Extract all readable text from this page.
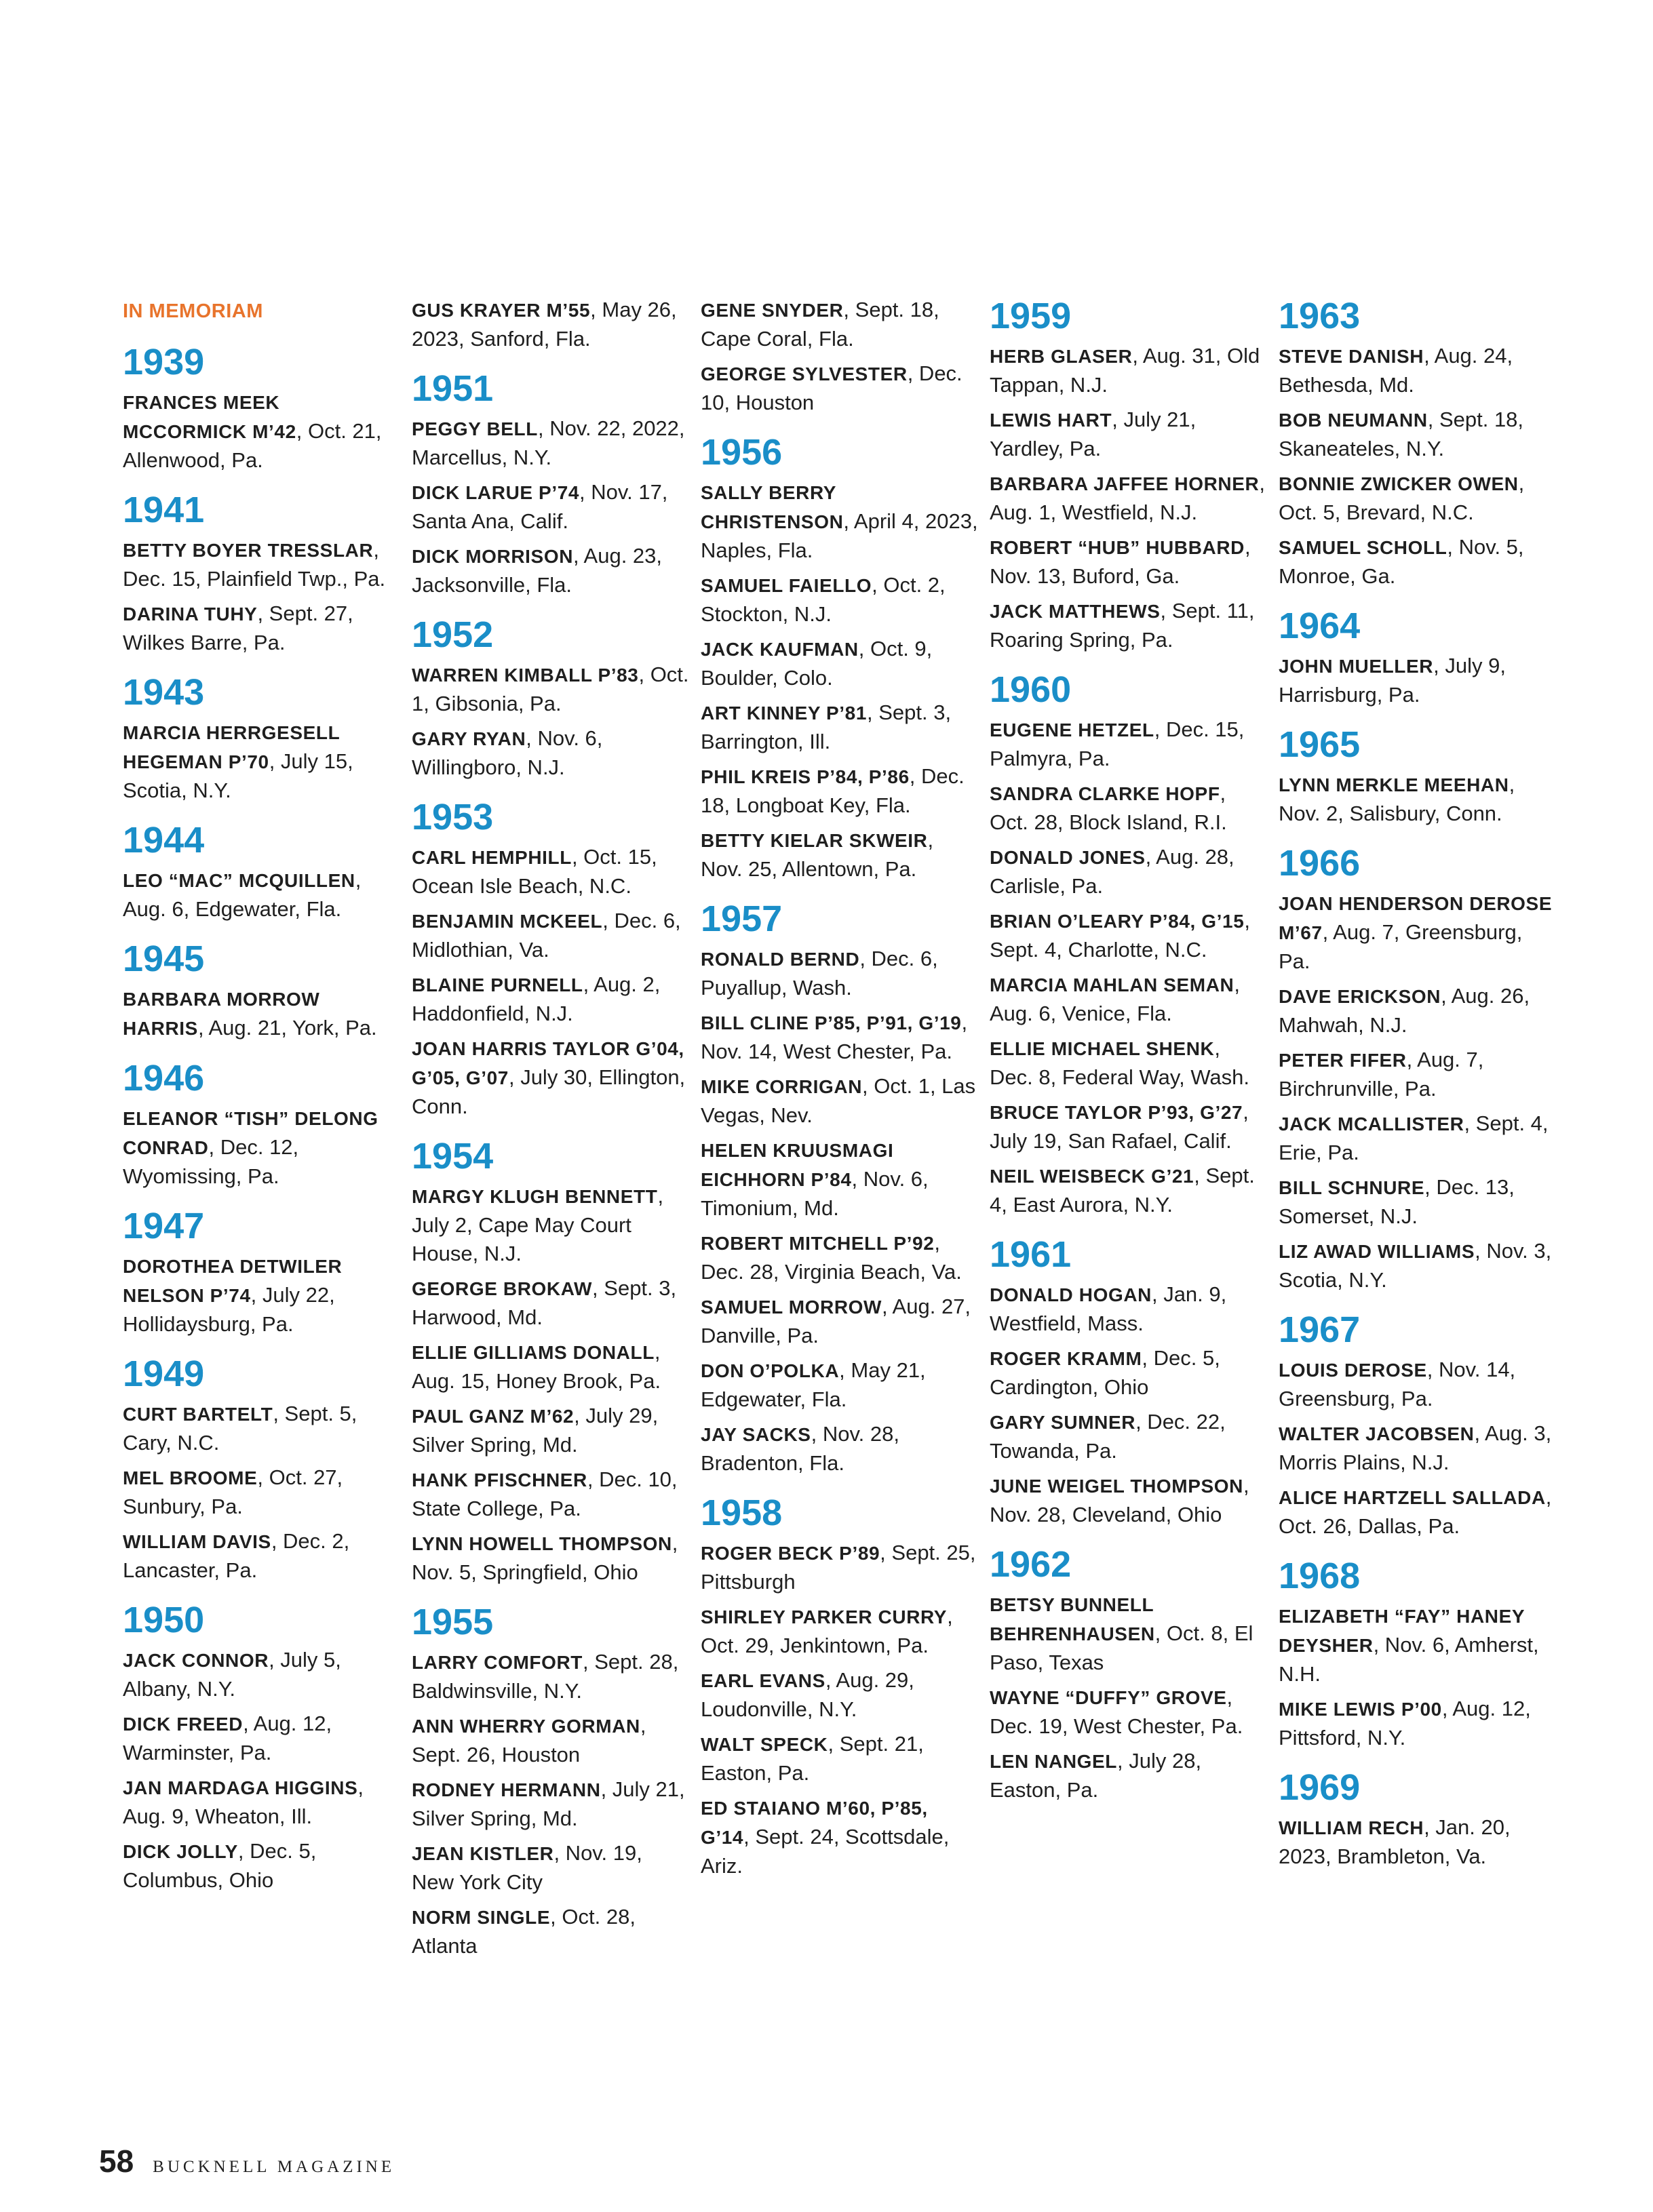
IN MEMORIAM
1939
FRANCES MEEK MCCORMICK M’42, Oct. 21, Allenwood, Pa.
1941
BETTY BOYER TRESSLAR, Dec. 15, Plainfield Twp., Pa.
DARINA TUHY, Sept. 27, Wilkes Barre, Pa.
1943
MARCIA HERRGESELL HEGEMAN P’70, July 15, Scotia, N.Y.
1944
LEO “MAC” MCQUILLEN, Aug. 6, Edgewater, Fla.
1945
BARBARA MORROW HARRIS, Aug. 21, York, Pa.
1946
ELEANOR “TISH” DELONG CONRAD, Dec. 12, Wyomissing, Pa.
1947
DOROTHEA DETWILER NELSON P’74, July 22, Hollidaysburg, Pa.
1949
CURT BARTELT, Sept. 5, Cary, N.C.
MEL BROOME, Oct. 27, Sunbury, Pa.
WILLIAM DAVIS, Dec. 2, Lancaster, Pa.
1950
JACK CONNOR, July 5, Albany, N.Y.
DICK FREED, Aug. 12, Warminster, Pa.
JAN MARDAGA HIGGINS, Aug. 9, Wheaton, Ill.
DICK JOLLY, Dec. 5, Columbus, Ohio
GUS KRAYER M’55, May 26, 2023, Sanford, Fla.
1951
PEGGY BELL, Nov. 22, 2022, Marcellus, N.Y.
DICK LARUE P’74, Nov. 17, Santa Ana, Calif.
DICK MORRISON, Aug. 23, Jacksonville, Fla.
1952
WARREN KIMBALL P’83, Oct. 1, Gibsonia, Pa.
GARY RYAN, Nov. 6, Willingboro, N.J.
1953
CARL HEMPHILL, Oct. 15, Ocean Isle Beach, N.C.
BENJAMIN MCKEEL, Dec. 6, Midlothian, Va.
BLAINE PURNELL, Aug. 2, Haddonfield, N.J.
JOAN HARRIS TAYLOR G’04, G’05, G’07, July 30, Ellington, Conn.
1954
MARGY KLUGH BENNETT, July 2, Cape May Court House, N.J.
GEORGE BROKAW, Sept. 3, Harwood, Md.
ELLIE GILLIAMS DONALL, Aug. 15, Honey Brook, Pa.
PAUL GANZ M’62, July 29, Silver Spring, Md.
HANK PFISCHNER, Dec. 10, State College, Pa.
LYNN HOWELL THOMPSON, Nov. 5, Springfield, Ohio
1955
LARRY COMFORT, Sept. 28, Baldwinsville, N.Y.
ANN WHERRY GORMAN, Sept. 26, Houston
RODNEY HERMANN, July 21, Silver Spring, Md.
JEAN KISTLER, Nov. 19, New York City
NORM SINGLE, Oct. 28, Atlanta
GENE SNYDER, Sept. 18, Cape Coral, Fla.
GEORGE SYLVESTER, Dec. 10, Houston
1956
SALLY BERRY CHRISTENSON, April 4, 2023, Naples, Fla.
SAMUEL FAIELLO, Oct. 2, Stockton, N.J.
JACK KAUFMAN, Oct. 9, Boulder, Colo.
ART KINNEY P’81, Sept. 3, Barrington, Ill.
PHIL KREIS P’84, P’86, Dec. 18, Longboat Key, Fla.
BETTY KIELAR SKWEIR, Nov. 25, Allentown, Pa.
1957
RONALD BERND, Dec. 6, Puyallup, Wash.
BILL CLINE P’85, P’91, G’19, Nov. 14, West Chester, Pa.
MIKE CORRIGAN, Oct. 1, Las Vegas, Nev.
HELEN KRUUSMAGI EICHHORN P’84, Nov. 6, Timonium, Md.
ROBERT MITCHELL P’92, Dec. 28, Virginia Beach, Va.
SAMUEL MORROW, Aug. 27, Danville, Pa.
DON O’POLKA, May 21, Edgewater, Fla.
JAY SACKS, Nov. 28, Bradenton, Fla.
1958
ROGER BECK P’89, Sept. 25, Pittsburgh
SHIRLEY PARKER CURRY, Oct. 29, Jenkintown, Pa.
EARL EVANS, Aug. 29, Loudonville, N.Y.
WALT SPECK, Sept. 21, Easton, Pa.
ED STAIANO M’60, P’85, G’14, Sept. 24, Scottsdale, Ariz.
1959
HERB GLASER, Aug. 31, Old Tappan, N.J.
LEWIS HART, July 21, Yardley, Pa.
BARBARA JAFFEE HORNER, Aug. 1, Westfield, N.J.
ROBERT “HUB” HUBBARD, Nov. 13, Buford, Ga.
JACK MATTHEWS, Sept. 11, Roaring Spring, Pa.
1960
EUGENE HETZEL, Dec. 15, Palmyra, Pa.
SANDRA CLARKE HOPF, Oct. 28, Block Island, R.I.
DONALD JONES, Aug. 28, Carlisle, Pa.
BRIAN O’LEARY P’84, G’15, Sept. 4, Charlotte, N.C.
MARCIA MAHLAN SEMAN, Aug. 6, Venice, Fla.
ELLIE MICHAEL SHENK, Dec. 8, Federal Way, Wash.
BRUCE TAYLOR P’93, G’27, July 19, San Rafael, Calif.
NEIL WEISBECK G’21, Sept. 4, East Aurora, N.Y.
1961
DONALD HOGAN, Jan. 9, Westfield, Mass.
ROGER KRAMM, Dec. 5, Cardington, Ohio
GARY SUMNER, Dec. 22, Towanda, Pa.
JUNE WEIGEL THOMPSON, Nov. 28, Cleveland, Ohio
1962
BETSY BUNNELL BEHRENHAUSEN, Oct. 8, El Paso, Texas
WAYNE “DUFFY” GROVE, Dec. 19, West Chester, Pa.
LEN NANGEL, July 28, Easton, Pa.
1963
STEVE DANISH, Aug. 24, Bethesda, Md.
BOB NEUMANN, Sept. 18, Skaneateles, N.Y.
BONNIE ZWICKER OWEN, Oct. 5, Brevard, N.C.
SAMUEL SCHOLL, Nov. 5, Monroe, Ga.
1964
JOHN MUELLER, July 9, Harrisburg, Pa.
1965
LYNN MERKLE MEEHAN, Nov. 2, Salisbury, Conn.
1966
JOAN HENDERSON DEROSE M’67, Aug. 7, Greensburg, Pa.
DAVE ERICKSON, Aug. 26, Mahwah, N.J.
PETER FIFER, Aug. 7, Birchrunville, Pa.
JACK MCALLISTER, Sept. 4, Erie, Pa.
BILL SCHNURE, Dec. 13, Somerset, N.J.
LIZ AWAD WILLIAMS, Nov. 3, Scotia, N.Y.
1967
LOUIS DEROSE, Nov. 14, Greensburg, Pa.
WALTER JACOBSEN, Aug. 3, Morris Plains, N.J.
ALICE HARTZELL SALLADA, Oct. 26, Dallas, Pa.
1968
ELIZABETH “FAY” HANEY DEYSHER, Nov. 6, Amherst, N.H.
MIKE LEWIS P’00, Aug. 12, Pittsford, N.Y.
1969
WILLIAM RECH, Jan. 20, 2023, Brambleton, Va.
58 BUCKNELL MAGAZINE
